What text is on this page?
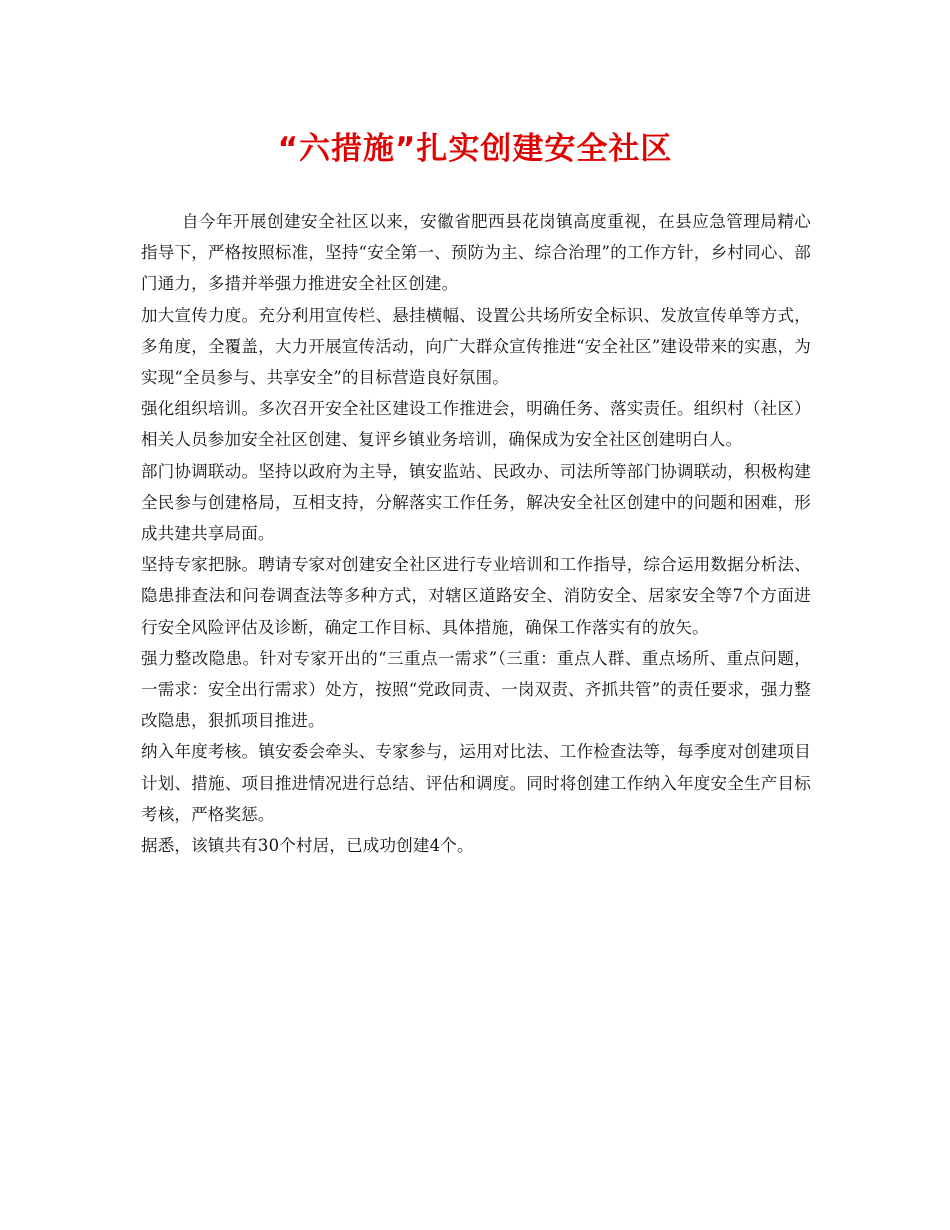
“六措施”扎实创建安全社区

自今年开展创建安全社区以来，安徽省肥西县花岗镇高度重视，在县应急管理局精心指导下，严格按照标准，坚持“安全第一、预防为主、综合治理”的工作方针，乡村同心、部门通力，多措并举强力推进安全社区创建。

加大宣传力度。充分利用宣传栏、悬挂横幅、设置公共场所安全标识、发放宣传单等方式，多角度，全覆盖，大力开展宣传活动，向广大群众宣传推进“安全社区”建设带来的实惠，为实现“全员参与、共享安全”的目标营造良好氛围。

强化组织培训。多次召开安全社区建设工作推进会，明确任务、落实责任。组织村（社区）相关人员参加安全社区创建、复评乡镇业务培训，确保成为安全社区创建明白人。

部门协调联动。坚持以政府为主导，镇安监站、民政办、司法所等部门协调联动，积极构建全民参与创建格局，互相支持，分解落实工作任务，解决安全社区创建中的问题和困难，形成共建共享局面。

坚持专家把脉。聘请专家对创建安全社区进行专业培训和工作指导，综合运用数据分析法、隐患排查法和问卷调查法等多种方式，对辖区道路安全、消防安全、居家安全等7个方面进行安全风险评估及诊断，确定工作目标、具体措施，确保工作落实有的放矢。

强力整改隐患。针对专家开出的“三重点一需求”（三重：重点人群、重点场所、重点问题，一需求：安全出行需求）处方，按照“党政同责、一岗双责、齐抓共管”的责任要求，强力整改隐患，狠抓项目推进。

纳入年度考核。镇安委会牵头、专家参与，运用对比法、工作检查法等，每季度对创建项目计划、措施、项目推进情况进行总结、评估和调度。同时将创建工作纳入年度安全生产目标考核，严格奖惩。

据悉，该镇共有30个村居，已成功创建4个。
